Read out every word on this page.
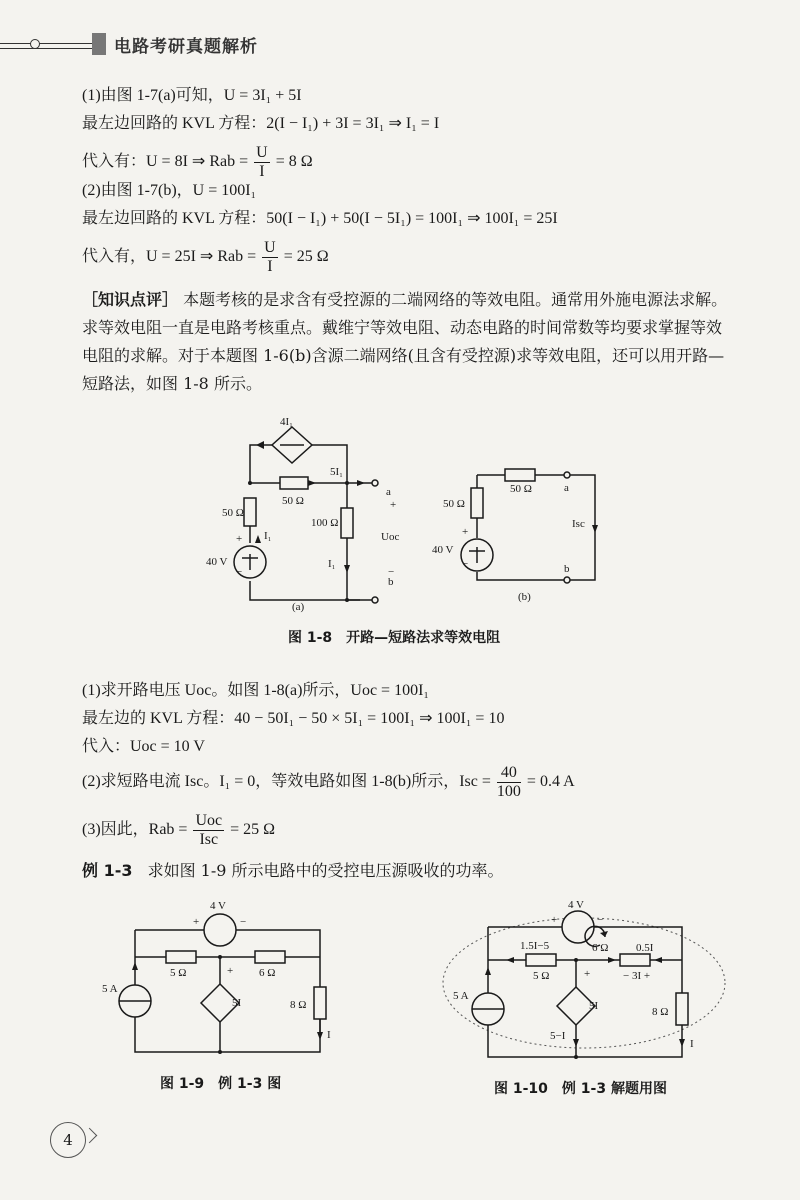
电路考研真题解析
(1)由图 1-7(a)可知，U = 3I₁ + 5I
最左边回路的 KVL 方程：2(I − I₁) + 3I = 3I₁ ⇒ I₁ = I
代入有：U = 8I ⇒ Rab = $\frac{U}{I} = 8$ Ω
(2)由图 1-7(b)，U = 100I₁
最左边回路的 KVL 方程：50(I − I₁) + 50(I − 5I₁) = 100I₁ ⇒ 100I₁ = 25I
代入有，U = 25I ⇒ Rab = $\frac{U}{I} = 25$ Ω
［知识点评］ 本题考核的是求含有受控源的二端网络的等效电阻。通常用外施电源法求解。求等效电阻一直是电路考核重点。戴维宁等效电阻、动态电路的时间常数等均要求掌握等效电阻的求解。对于本题图 1-6(b)含源二端网络(且含有受控源)求等效电阻，还可以用开路—短路法，如图 1-8 所示。
4I₁
5I₁
50 Ω
50 Ω
100 Ω
I₁
I₁
+
−
40 V
a
+
Uoc
b
−
(a)
50 Ω
50 Ω
40 V
+
−
a
b
Isc
(b)
图 1-8　开路—短路法求等效电阻
(1)求开路电压 Uoc。如图 1-8(a)所示，Uoc = 100I₁
最左边的 KVL 方程：40 − 50I₁ − 50 × 5I₁ = 100I₁ ⇒ 100I₁ = 10
代入：Uoc = 10 V
(2)求短路电流 Isc。I₁ = 0，等效电路如图 1-8(b)所示，Isc = $\frac{40}{100} = 0.4$ A
(3)因此，Rab = $\frac{\text{Uoc}}{\text{Isc}} = 25$ Ω
例 1-3 求如图 1-9 所示电路中的受控电压源吸收的功率。
4 V
+	−
5 A
5 Ω	6 Ω
8 Ω
+
5I
I
图 1-9　例 1-3 图
4 V
+	−
1.5I−5
5 Ω
6 Ω	0.5I
− 3I +
5 A
+
5I
5−I
8 Ω
I
图 1-10　例 1-3 解题用图
4
